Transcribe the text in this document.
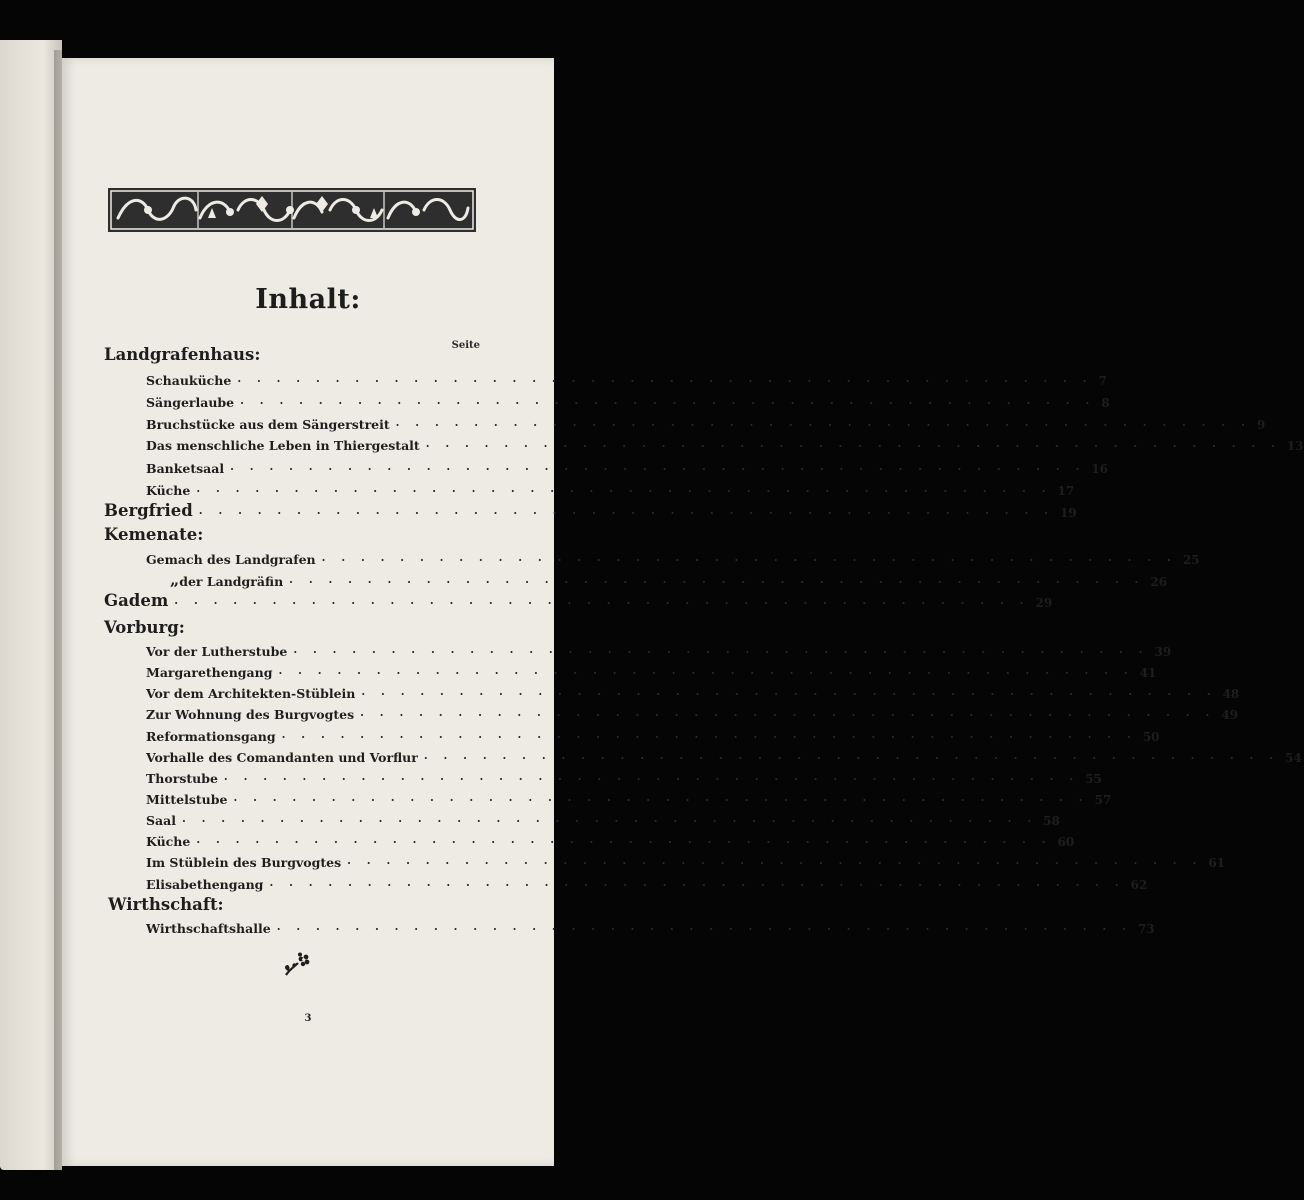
Inhalt:
Seite
Landgrafenhaus:
Schauküche . . . . . . . . . . . . . . . . . . . . . . . . . . . . . . . . . . . . . . . . . . . . 7
Sängerlaube . . . . . . . . . . . . . . . . . . . . . . . . . . . . . . . . . . . . . . . . . . . . 8
Bruchstücke aus dem Sängerstreit . . . . . . . . . . . . . . . . . . . . . . . . . . . . . . . . . . . . . . . . . . . . 9
Das menschliche Leben in Thiergestalt . . . . . . . . . . . . . . . . . . . . . . . . . . . . . . . . . . . . . . . . . . . . 13
Banketsaal . . . . . . . . . . . . . . . . . . . . . . . . . . . . . . . . . . . . . . . . . . . . 16
Küche . . . . . . . . . . . . . . . . . . . . . . . . . . . . . . . . . . . . . . . . . . . . 17
Bergfried . . . . . . . . . . . . . . . . . . . . . . . . . . . . . . . . . . . . . . . . . . . . 19
Kemenate:
Gemach des Landgrafen . . . . . . . . . . . . . . . . . . . . . . . . . . . . . . . . . . . . . . . . . . . . 25
„ der Landgräfin . . . . . . . . . . . . . . . . . . . . . . . . . . . . . . . . . . . . . . . . . . . . 26
Gadem . . . . . . . . . . . . . . . . . . . . . . . . . . . . . . . . . . . . . . . . . . . . 29
Vorburg:
Vor der Lutherstube . . . . . . . . . . . . . . . . . . . . . . . . . . . . . . . . . . . . . . . . . . . . 39
Margarethengang . . . . . . . . . . . . . . . . . . . . . . . . . . . . . . . . . . . . . . . . . . . . 41
Vor dem Architekten-Stüblein . . . . . . . . . . . . . . . . . . . . . . . . . . . . . . . . . . . . . . . . . . . . 48
Zur Wohnung des Burgvogtes . . . . . . . . . . . . . . . . . . . . . . . . . . . . . . . . . . . . . . . . . . . . 49
Reformationsgang . . . . . . . . . . . . . . . . . . . . . . . . . . . . . . . . . . . . . . . . . . . . 50
Vorhalle des Comandanten und Vorflur . . . . . . . . . . . . . . . . . . . . . . . . . . . . . . . . . . . . . . . . . . . . 54
Thorstube . . . . . . . . . . . . . . . . . . . . . . . . . . . . . . . . . . . . . . . . . . . . 55
Mittelstube . . . . . . . . . . . . . . . . . . . . . . . . . . . . . . . . . . . . . . . . . . . . 57
Saal . . . . . . . . . . . . . . . . . . . . . . . . . . . . . . . . . . . . . . . . . . . . 58
Küche . . . . . . . . . . . . . . . . . . . . . . . . . . . . . . . . . . . . . . . . . . . . 60
Im Stüblein des Burgvogtes . . . . . . . . . . . . . . . . . . . . . . . . . . . . . . . . . . . . . . . . . . . . 61
Elisabethengang . . . . . . . . . . . . . . . . . . . . . . . . . . . . . . . . . . . . . . . . . . . . 62
Wirthschaft:
Wirthschaftshalle . . . . . . . . . . . . . . . . . . . . . . . . . . . . . . . . . . . . . . . . . . . . 73
3
